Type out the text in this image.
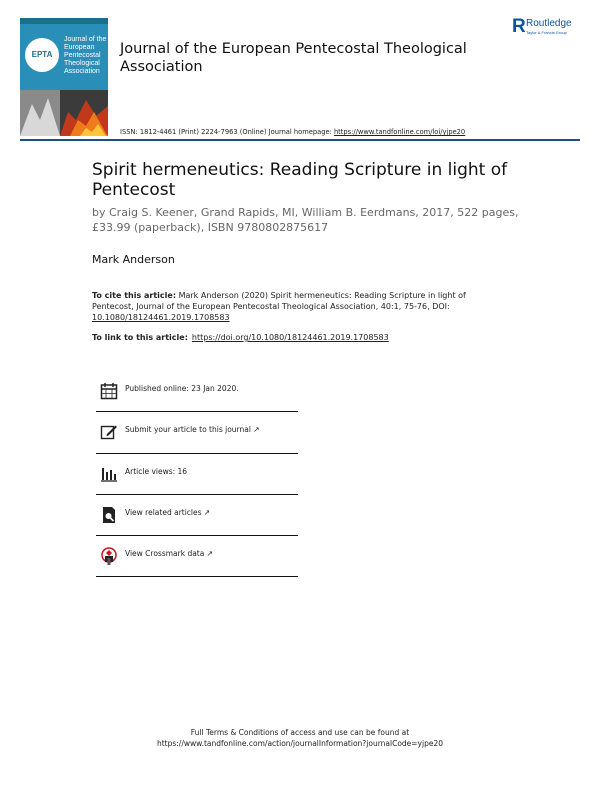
EPTA
Journal of the
European
Pentecostal
Theological
Association
Journal of the European Pentecostal Theological Association
R Routledge
Taylor & Francis Group
ISSN: 1812-4461 (Print) 2224-7963 (Online) Journal homepage: https://www.tandfonline.com/loi/yjpe20
Spirit hermeneutics: Reading Scripture in light of Pentecost
by Craig S. Keener, Grand Rapids, MI, William B. Eerdmans, 2017, 522 pages, £33.99 (paperback), ISBN 9780802875617
Mark Anderson
To cite this article: Mark Anderson (2020) Spirit hermeneutics: Reading Scripture in light of Pentecost, Journal of the European Pentecostal Theological Association, 40:1, 75-76, DOI: 10.1080/18124461.2019.1708583
To link to this article: https://doi.org/10.1080/18124461.2019.1708583
Published online: 23 Jan 2020.
Submit your article to this journal ↗
Article views: 16
View related articles ↗
View Crossmark data ↗
Full Terms & Conditions of access and use can be found at
https://www.tandfonline.com/action/journalInformation?journalCode=yjpe20
